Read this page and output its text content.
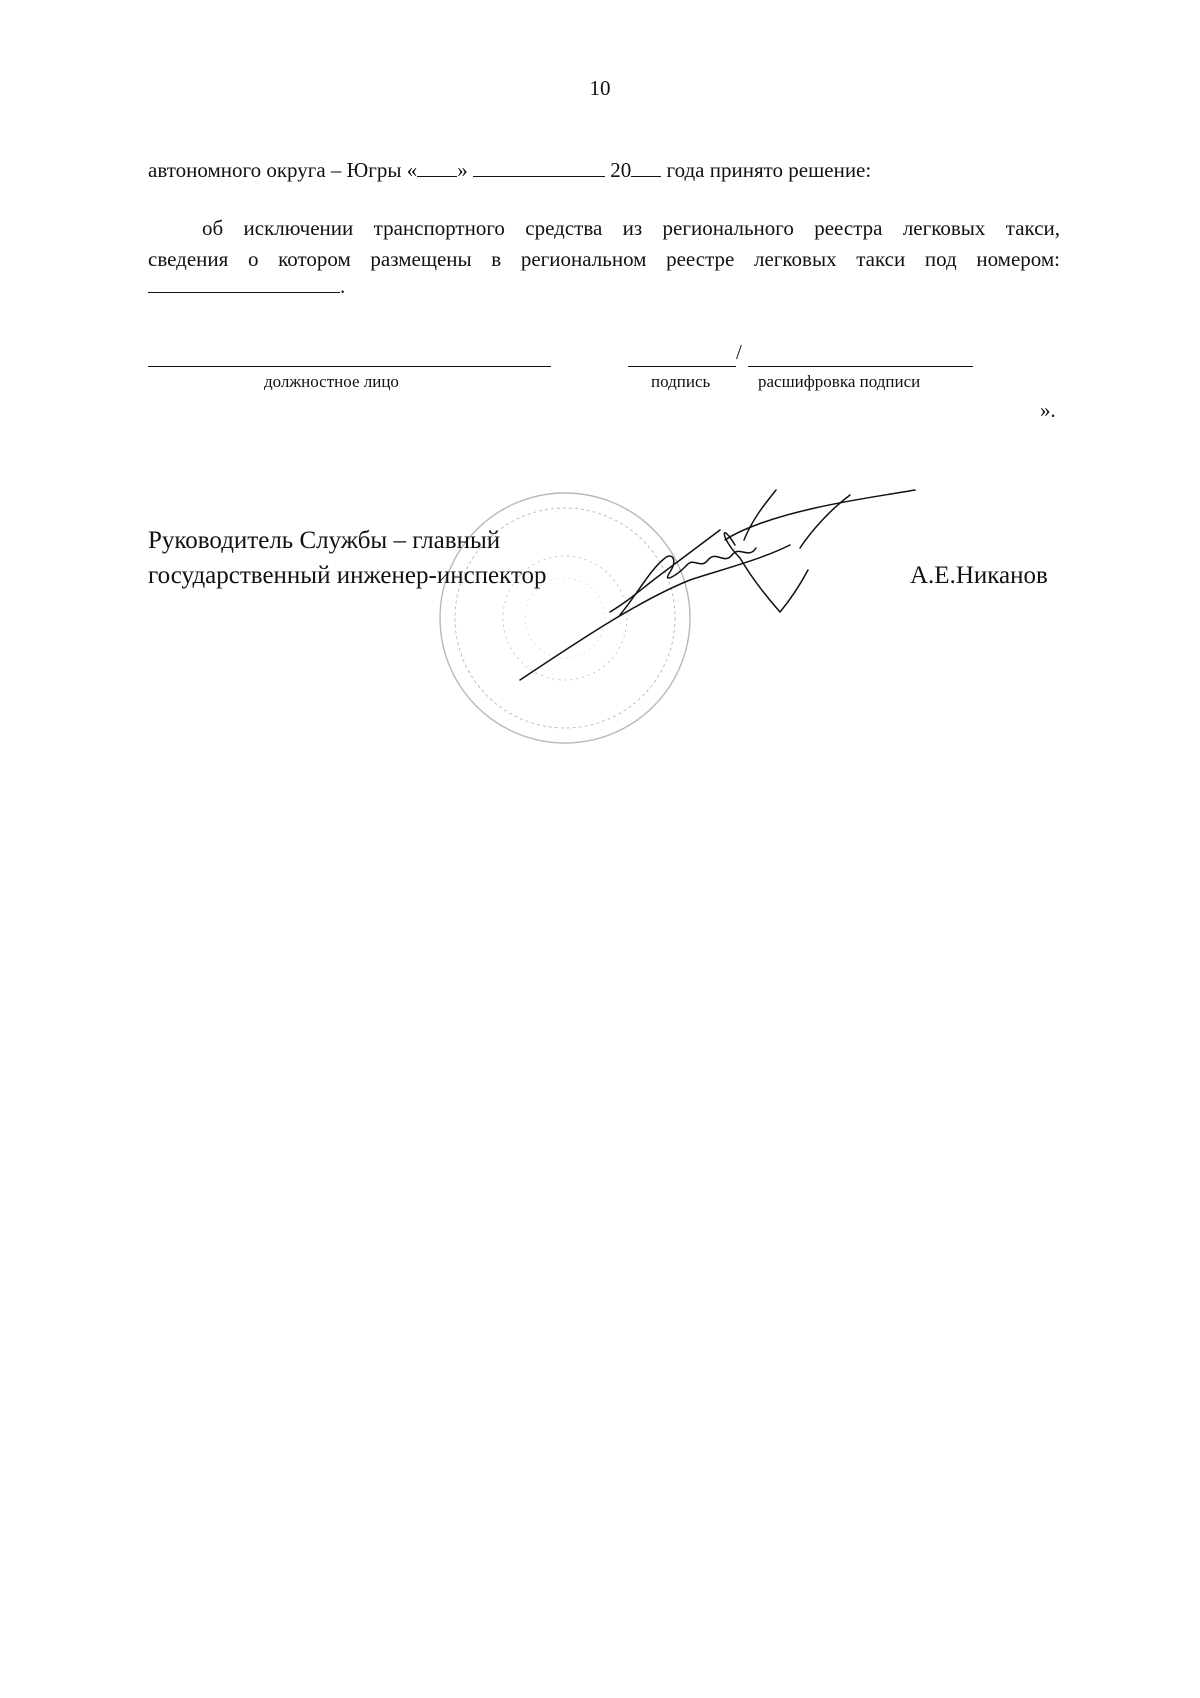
10
автономного округа – Югры « »	20 года принято решение:
об исключении транспортного средства из регионального реестра легковых такси,
сведения о котором размещены в региональном реестре легковых такси под номером:
.
должностное лицо
/
подпись	расшифровка подписи
».
Руководитель Службы – главный
государственный инженер-инспектор	А.Е.Никанов
